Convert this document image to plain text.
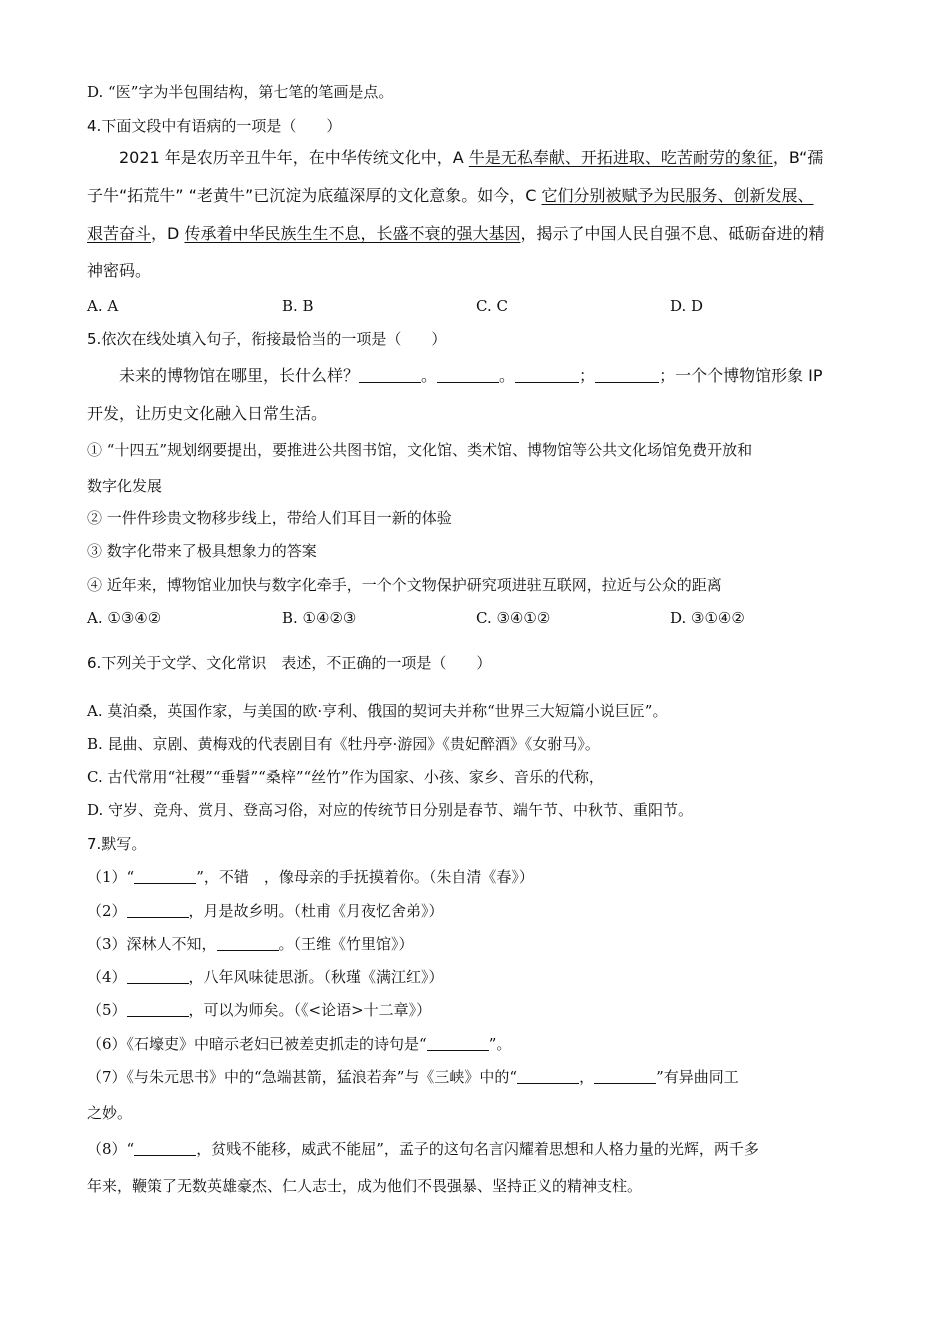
D. “医”字为半包围结构，第七笔的笔画是点。
4.下面文段中有语病的一项是（　　）
2021 年是农历辛丑牛年，在中华传统文化中，A 牛是无私奉献、开拓进取、吃苦耐劳的象征，B“孺
子牛“拓荒牛” “老黄牛”已沉淀为底蕴深厚的文化意象。如今，C 它们分别被赋予为民服务、创新发展、
艰苦奋斗，D 传承着中华民族生生不息，长盛不衰的强大基因，揭示了中国人民自强不息、砥砺奋进的精
神密码。
A. A	B. B	C. C	D. D
5.依次在线处填入句子，衔接最恰当的一项是（　　）
未来的博物馆在哪里，长什么样？	。	。	；	；一个个博物馆形象 IP
开发，让历史文化融入日常生活。
① “十四五”规划纲要提出，要推进公共图书馆，文化馆、类术馆、博物馆等公共文化场馆免费开放和
数字化发展
② 一件件珍贵文物移步线上，带给人们耳目一新的体验
③ 数字化带来了极具想象力的答案
④ 近年来，博物馆业加快与数字化牵手，一个个文物保护研究项进驻互联网，拉近与公众的距离
A. ①③④②	B. ①④②③	C. ③④①②	D. ③①④②
6.下列关于文学、文化常识　表述，不正确的一项是（　　）
A. 莫泊桑，英国作家，与美国的欧·亨利、俄国的契诃夫并称“世界三大短篇小说巨匠”。
B. 昆曲、京剧、黄梅戏的代表剧目有《牡丹亭·游园》《贵妃醉酒》《女驸马》。
C. 古代常用“社稷”“垂髫”“桑梓”“丝竹”作为国家、小孩、家乡、音乐的代称，
D. 守岁、竞舟、赏月、登高习俗，对应的传统节日分别是春节、端午节、中秋节、重阳节。
7.默写。
（1）“	”，不错　，像母亲的手抚摸着你。（朱自清《春》）
（2）	，月是故乡明。（杜甫《月夜忆舍弟》）
（3）深林人不知，	。（王维《竹里馆》）
（4）	，八年风味徒思浙。（秋瑾《满江红》）
（5）	，可以为师矣。（《<论语>十二章》）
（6）《石壕吏》中暗示老妇已被差吏抓走的诗句是“	”。
（7）《与朱元思书》中的“急端甚箭，猛浪若奔”与《三峡》中的“	，	”有异曲同工
之妙。
（8）“	，贫贱不能移，威武不能屈”，孟子的这句名言闪耀着思想和人格力量的光辉，两千多
年来，鞭策了无数英雄豪杰、仁人志士，成为他们不畏强暴、坚持正义的精神支柱。
